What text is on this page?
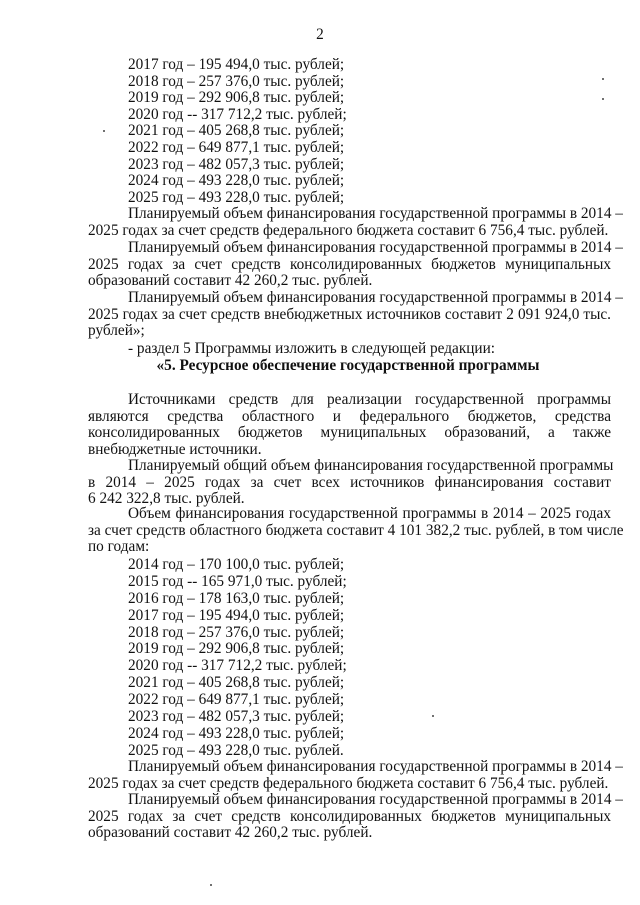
2
2017 год – 195 494,0 тыс. рублей;
2018 год – 257 376,0 тыс. рублей;
2019 год – 292 906,8 тыс. рублей;
2020 год -- 317 712,2 тыс. рублей;
2021 год – 405 268,8 тыс. рублей;
2022 год – 649 877,1 тыс. рублей;
2023 год – 482 057,3 тыс. рублей;
2024 год – 493 228,0 тыс. рублей;
2025 год – 493 228,0 тыс. рублей;
Планируемый объем финансирования государственной программы в 2014 –
2025 годах за счет средств федерального бюджета составит 6 756,4 тыс. рублей.
Планируемый объем финансирования государственной программы в 2014 –
2025 годах за счет средств консолидированных бюджетов муниципальных
образований составит 42 260,2 тыс. рублей.
Планируемый объем финансирования государственной программы в 2014 –
2025 годах за счет средств внебюджетных источников составит 2 091 924,0 тыс.
рублей»;
- раздел 5 Программы изложить в следующей редакции:
«5. Ресурсное обеспечение государственной программы
Источниками средств для реализации государственной программы
являются средства областного и федерального бюджетов, средства
консолидированных бюджетов муниципальных образований, а также
внебюджетные источники.
Планируемый общий объем финансирования государственной программы
в 2014 – 2025 годах за счет всех источников финансирования составит
6 242 322,8 тыс. рублей.
Объем финансирования государственной программы в 2014 – 2025 годах
за счет средств областного бюджета составит 4 101 382,2 тыс. рублей, в том числе
по годам:
2014 год – 170 100,0 тыс. рублей;
2015 год -- 165 971,0 тыс. рублей;
2016 год – 178 163,0 тыс. рублей;
2017 год – 195 494,0 тыс. рублей;
2018 год – 257 376,0 тыс. рублей;
2019 год – 292 906,8 тыс. рублей;
2020 год -- 317 712,2 тыс. рублей;
2021 год – 405 268,8 тыс. рублей;
2022 год – 649 877,1 тыс. рублей;
2023 год – 482 057,3 тыс. рублей;
2024 год – 493 228,0 тыс. рублей;
2025 год – 493 228,0 тыс. рублей.
Планируемый объем финансирования государственной программы в 2014 –
2025 годах за счет средств федерального бюджета составит 6 756,4 тыс. рублей.
Планируемый объем финансирования государственной программы в 2014 –
2025 годах за счет средств консолидированных бюджетов муниципальных
образований составит 42 260,2 тыс. рублей.
